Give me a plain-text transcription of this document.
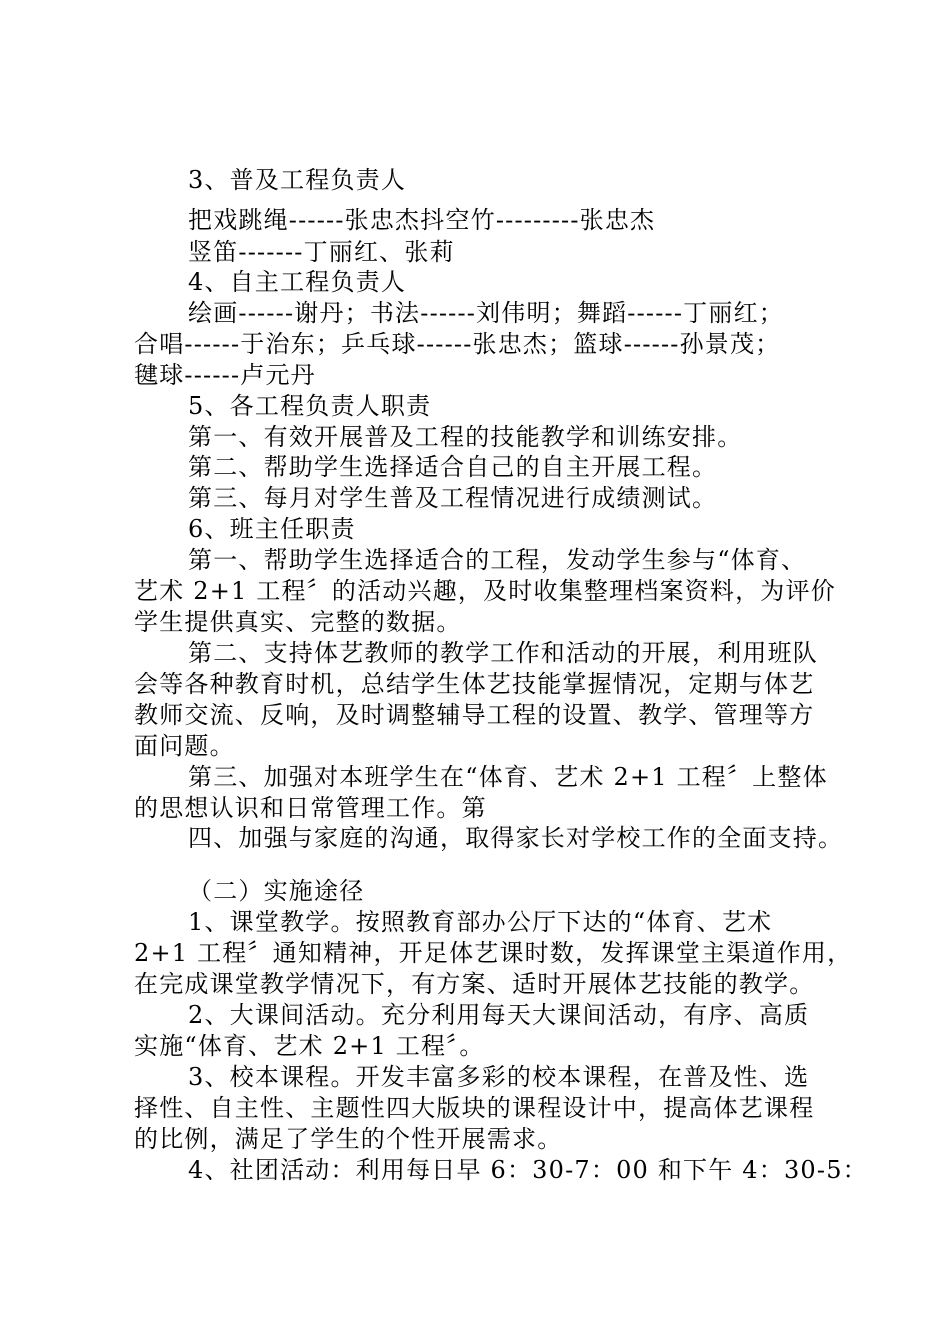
3、普及工程负责人
把戏跳绳------张忠杰抖空竹---------张忠杰
竖笛-------丁丽红、张莉
4、自主工程负责人
绘画------谢丹；书法------刘伟明；舞蹈------丁丽红；
合唱------于治东；乒乓球------张忠杰；篮球------孙景茂；
毽球------卢元丹
5、各工程负责人职责
第一、有效开展普及工程的技能教学和训练安排。
第二、帮助学生选择适合自己的自主开展工程。
第三、每月对学生普及工程情况进行成绩测试。
6、班主任职责
第一、帮助学生选择适合的工程，发动学生参与“体育、
艺术 2+1 工程〞的活动兴趣，及时收集整理档案资料，为评价
学生提供真实、完整的数据。
第二、支持体艺教师的教学工作和活动的开展，利用班队
会等各种教育时机，总结学生体艺技能掌握情况，定期与体艺
教师交流、反响，及时调整辅导工程的设置、教学、管理等方
面问题。
第三、加强对本班学生在“体育、艺术 2+1 工程〞上整体
的思想认识和日常管理工作。第
四、加强与家庭的沟通，取得家长对学校工作的全面支持。
（二）实施途径
1、课堂教学。按照教育部办公厅下达的“体育、艺术
2+1 工程〞通知精神，开足体艺课时数，发挥课堂主渠道作用，
在完成课堂教学情况下，有方案、适时开展体艺技能的教学。
2、大课间活动。充分利用每天大课间活动，有序、高质
实施“体育、艺术 2+1 工程〞。
3、校本课程。开发丰富多彩的校本课程，在普及性、选
择性、自主性、主题性四大版块的课程设计中，提高体艺课程
的比例，满足了学生的个性开展需求。
4、社团活动：利用每日早 6：30-7：00 和下午 4：30-5：
